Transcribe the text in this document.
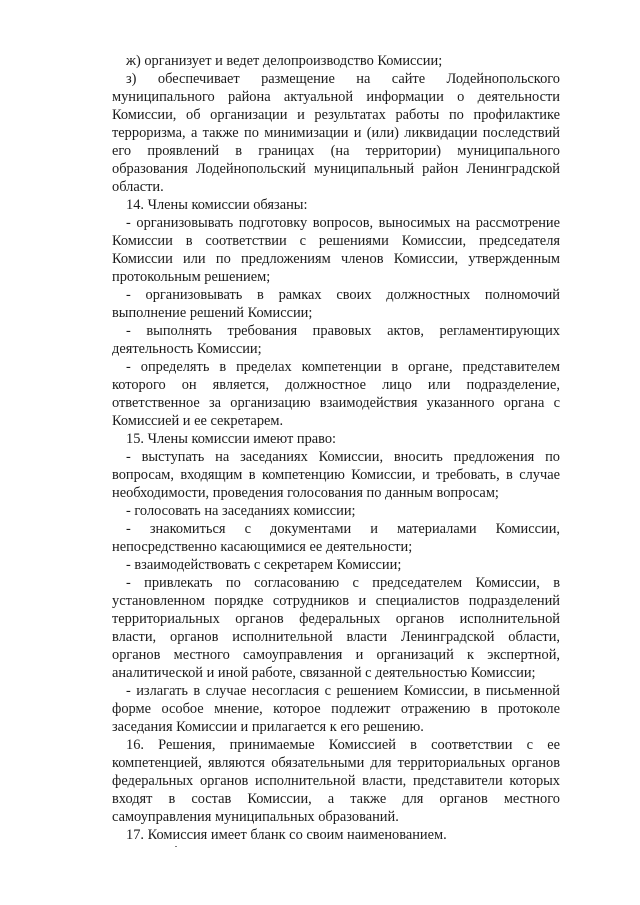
ж) организует и ведет делопроизводство Комиссии;

з) обеспечивает размещение на сайте Лодейнопольского муниципального района актуальной информации о деятельности Комиссии, об организации и результатах работы по профилактике терроризма, а также по минимизации и (или) ликвидации последствий его проявлений в границах (на территории) муниципального образования Лодейнопольский муниципальный район Ленинградской области.

14. Члены комиссии обязаны:

- организовывать подготовку вопросов, выносимых на рассмотрение Комиссии в соответствии с решениями Комиссии, председателя Комиссии или по предложениям членов Комиссии, утвержденным протокольным решением;

- организовывать в рамках своих должностных полномочий выполнение решений Комиссии;

- выполнять требования правовых актов, регламентирующих деятельность Комиссии;

- определять в пределах компетенции в органе, представителем которого он является, должностное лицо или подразделение, ответственное за организацию взаимодействия указанного органа с Комиссией и ее секретарем.

15. Члены комиссии имеют право:

- выступать на заседаниях Комиссии, вносить предложения по вопросам, входящим в компетенцию Комиссии, и требовать, в случае необходимости, проведения голосования по данным вопросам;

- голосовать на заседаниях комиссии;

- знакомиться с документами и материалами Комиссии, непосредственно касающимися ее деятельности;

- взаимодействовать с секретарем Комиссии;

- привлекать по согласованию с председателем Комиссии, в установленном порядке сотрудников и специалистов подразделений территориальных органов федеральных органов исполнительной власти, органов исполнительной власти Ленинградской области, органов местного самоуправления и организаций к экспертной, аналитической и иной работе, связанной с деятельностью Комиссии;

- излагать в случае несогласия с решением Комиссии, в письменной форме особое мнение, которое подлежит отражению в протоколе заседания Комиссии и прилагается к его решению.

16. Решения, принимаемые Комиссией в соответствии с ее компетенцией, являются обязательными для территориальных органов федеральных органов исполнительной власти, представители которых входят в состав Комиссии, а также для органов местного самоуправления муниципальных образований.

17. Комиссия имеет бланк со своим наименованием.
